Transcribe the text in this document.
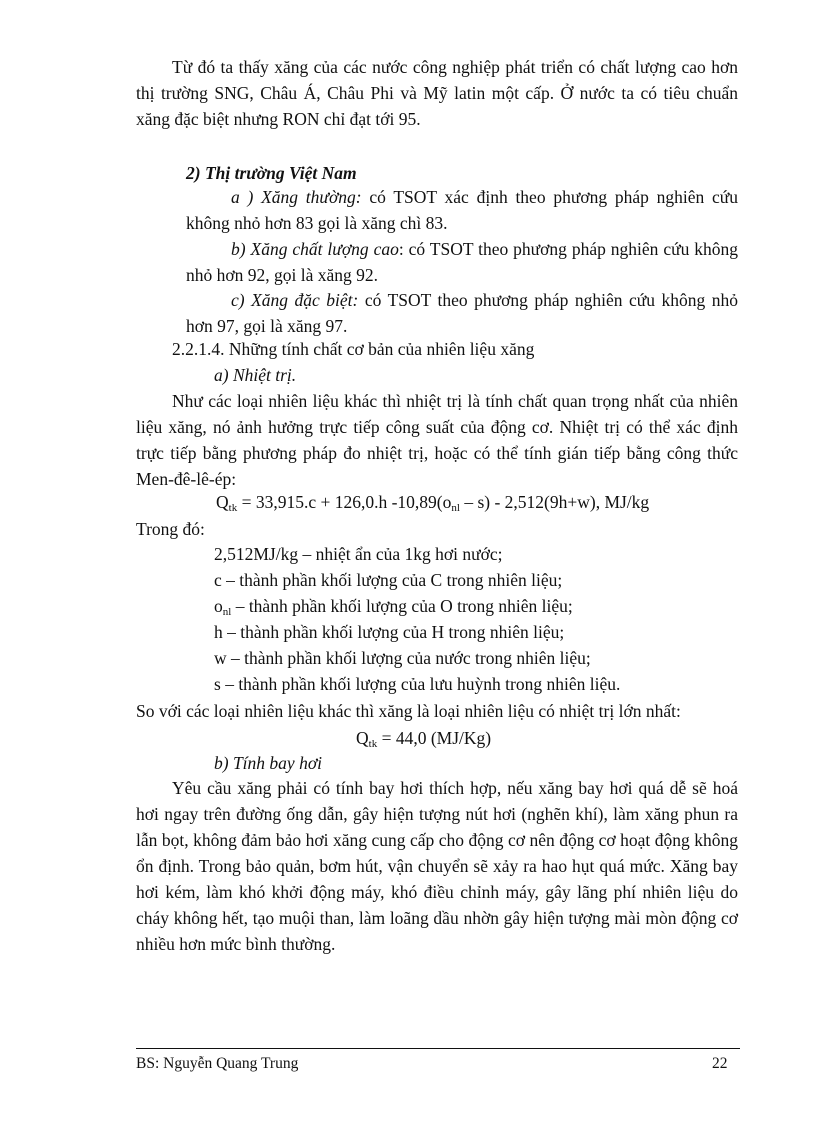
Từ đó ta thấy xăng của các nước công nghiệp phát triển có chất lượng cao hơn thị trường SNG, Châu Á, Châu Phi và Mỹ latin một cấp. Ở nước ta có tiêu chuẩn xăng đặc biệt nhưng RON chỉ đạt tới 95.

2) Thị trường Việt Nam

a ) Xăng thường: có TSOT xác định theo phương pháp nghiên cứu không nhỏ hơn 83 gọi là xăng chì 83.

b) Xăng chất lượng cao: có TSOT theo phương pháp nghiên cứu không nhỏ hơn 92, gọi là xăng 92.

c) Xăng đặc biệt: có TSOT theo phương pháp nghiên cứu không nhỏ hơn 97, gọi là xăng 97.

2.2.1.4. Những tính chất cơ bản của nhiên liệu xăng
a) Nhiệt trị.

Như các loại nhiên liệu khác thì nhiệt trị là tính chất quan trọng nhất của nhiên liệu xăng, nó ảnh hưởng trực tiếp công suất của động cơ. Nhiệt trị có thể xác định trực tiếp bằng phương pháp đo nhiệt trị, hoặc có thể tính gián tiếp bằng công thức Men-đê-lê-ép:

$Q_{tk} = 33,915.c + 126,0.h$ $-10,89(o_{nl} - s) - 2,512(9h+w)$, MJ/kg
Trong đó:
2,512MJ/kg – nhiệt ẩn của 1kg hơi nước;
c – thành phần khối lượng của C trong nhiên liệu;
$o_{nl}$ – thành phần khối lượng của O trong nhiên liệu;
h – thành phần khối lượng của H trong nhiên liệu;
w – thành phần khối lượng của nước trong nhiên liệu;
s – thành phần khối lượng của lưu huỳnh trong nhiên liệu.
So với các loại nhiên liệu khác thì xăng là loại nhiên liệu có nhiệt trị lớn nhất:
$Q_{tk} = 44,0$ (MJ/Kg)
b) Tính bay hơi

Yêu cầu xăng phải có tính bay hơi thích hợp, nếu xăng bay hơi quá dễ sẽ hoá hơi ngay trên đường ống dẫn, gây hiện tượng nút hơi (nghẽn khí), làm xăng phun ra lẫn bọt, không đảm bảo hơi xăng cung cấp cho động cơ nên động cơ hoạt động không ổn định. Trong bảo quản, bơm hút, vận chuyển sẽ xảy ra hao hụt quá mức. Xăng bay hơi kém, làm khó khởi động máy, khó điều chỉnh máy, gây lãng phí nhiên liệu do cháy không hết, tạo muội than, làm loãng dầu nhờn gây hiện tượng mài mòn động cơ nhiều hơn mức bình thường.

BS: Nguyễn Quang Trung	22
